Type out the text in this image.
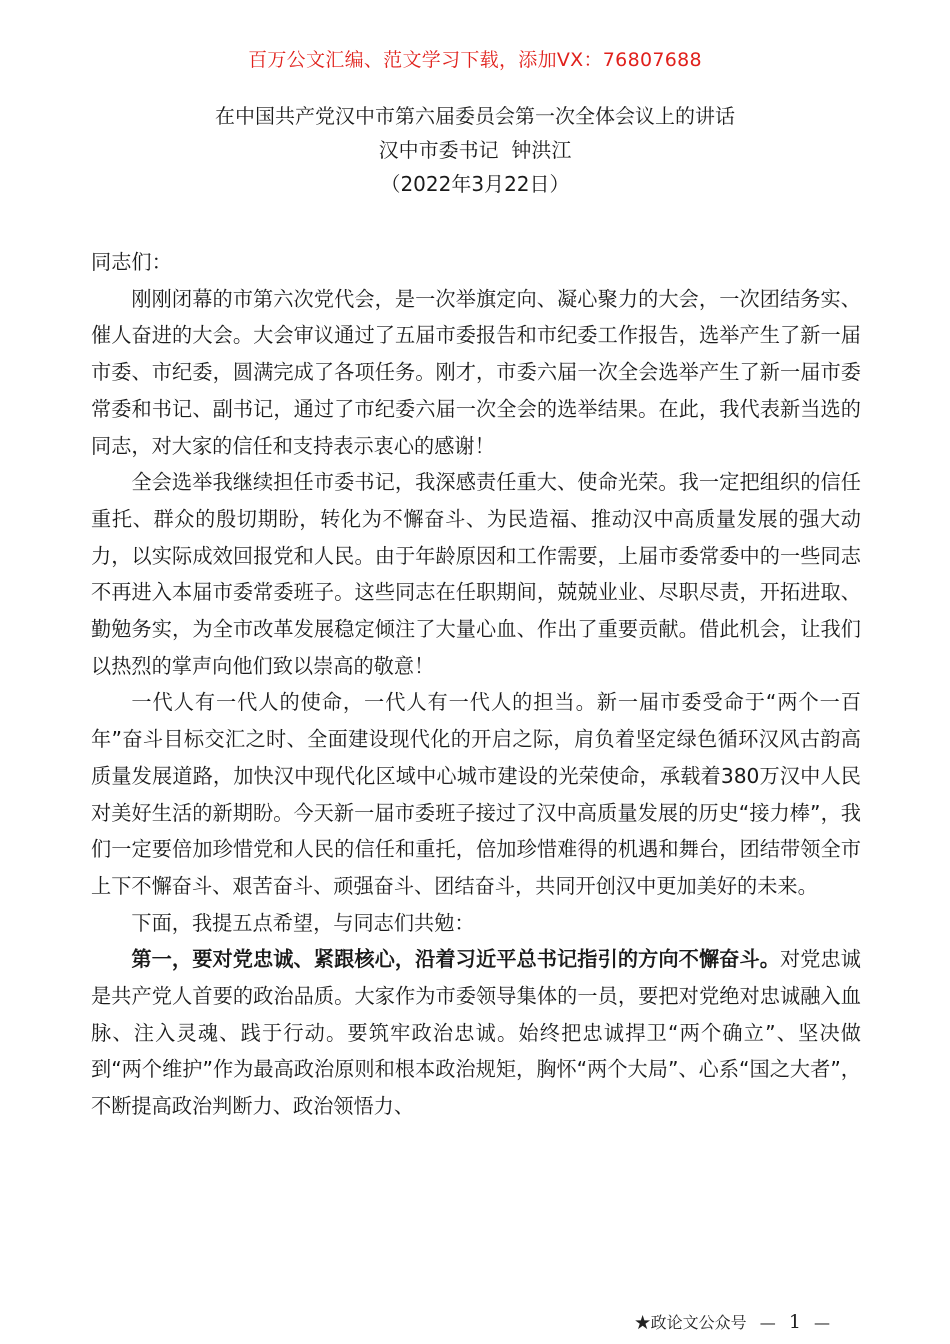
百万公文汇编、范文学习下载，添加VX：76807688
在中国共产党汉中市第六届委员会第一次全体会议上的讲话
汉中市委书记  钟洪江
（2022年3月22日）

同志们：

刚刚闭幕的市第六次党代会，是一次举旗定向、凝心聚力的大会，一次团结务实、催人奋进的大会。大会审议通过了五届市委报告和市纪委工作报告，选举产生了新一届市委、市纪委，圆满完成了各项任务。刚才，市委六届一次全会选举产生了新一届市委常委和书记、副书记，通过了市纪委六届一次全会的选举结果。在此，我代表新当选的同志，对大家的信任和支持表示衷心的感谢！

全会选举我继续担任市委书记，我深感责任重大、使命光荣。我一定把组织的信任重托、群众的殷切期盼，转化为不懈奋斗、为民造福、推动汉中高质量发展的强大动力，以实际成效回报党和人民。由于年龄原因和工作需要，上届市委常委中的一些同志不再进入本届市委常委班子。这些同志在任职期间，兢兢业业、尽职尽责，开拓进取、勤勉务实，为全市改革发展稳定倾注了大量心血、作出了重要贡献。借此机会，让我们以热烈的掌声向他们致以崇高的敬意！

一代人有一代人的使命，一代人有一代人的担当。新一届市委受命于“两个一百年”奋斗目标交汇之时、全面建设现代化的开启之际，肩负着坚定绿色循环汉风古韵高质量发展道路，加快汉中现代化区域中心城市建设的光荣使命，承载着380万汉中人民对美好生活的新期盼。今天新一届市委班子接过了汉中高质量发展的历史“接力棒”，我们一定要倍加珍惜党和人民的信任和重托，倍加珍惜难得的机遇和舞台，团结带领全市上下不懈奋斗、艰苦奋斗、顽强奋斗、团结奋斗，共同开创汉中更加美好的未来。

下面，我提五点希望，与同志们共勉：

第一，要对党忠诚、紧跟核心，沿着习近平总书记指引的方向不懈奋斗。对党忠诚是共产党人首要的政治品质。大家作为市委领导集体的一员，要把对党绝对忠诚融入血脉、注入灵魂、践于行动。要筑牢政治忠诚。始终把忠诚捍卫“两个确立”、坚决做到“两个维护”作为最高政治原则和根本政治规矩，胸怀“两个大局”、心系“国之大者”，不断提高政治判断力、政治领悟力、

★政论文公众号 — 1 —
